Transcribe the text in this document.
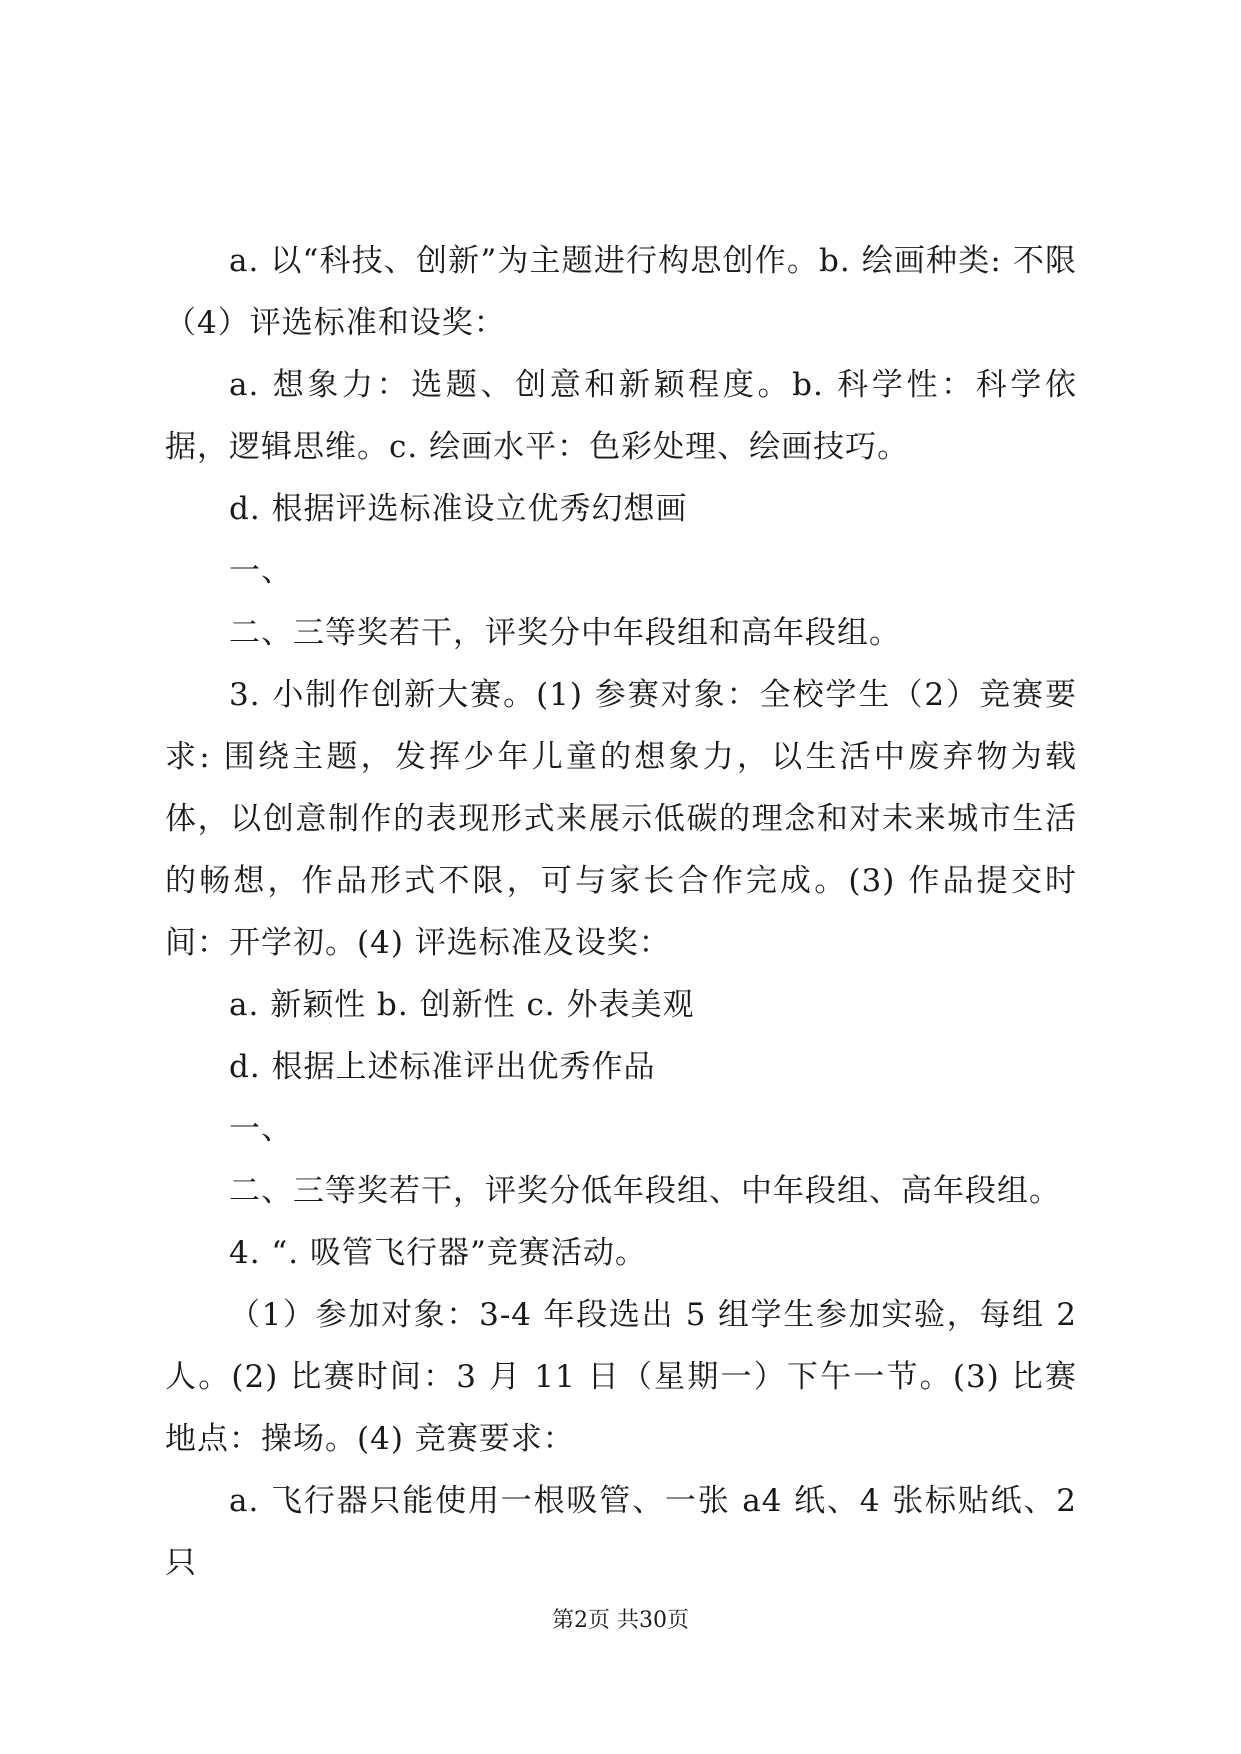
a. 以“科技、创新”为主题进行构思创作。b. 绘画种类: 不限（4）评选标准和设奖：

a. 想象力：选题、创意和新颖程度。b. 科学性：科学依据，逻辑思维。c. 绘画水平：色彩处理、绘画技巧。

d. 根据评选标准设立优秀幻想画

一、

二、三等奖若干，评奖分中年段组和高年段组。

3. 小制作创新大赛。(1) 参赛对象：全校学生（2）竞赛要求: 围绕主题，发挥少年儿童的想象力，以生活中废弃物为载体，以创意制作的表现形式来展示低碳的理念和对未来城市生活的畅想，作品形式不限，可与家长合作完成。(3) 作品提交时间：开学初。(4) 评选标准及设奖：

a. 新颖性 b. 创新性 c. 外表美观

d. 根据上述标准评出优秀作品

一、

二、三等奖若干，评奖分低年段组、中年段组、高年段组。

4. “. 吸管飞行器”竞赛活动。

（1）参加对象：3-4 年段选出 5 组学生参加实验，每组 2 人。(2) 比赛时间：3 月 11 日（星期一）下午一节。(3) 比赛地点：操场。(4) 竞赛要求：

a. 飞行器只能使用一根吸管、一张 a4 纸、4 张标贴纸、2 只

第2页 共30页
